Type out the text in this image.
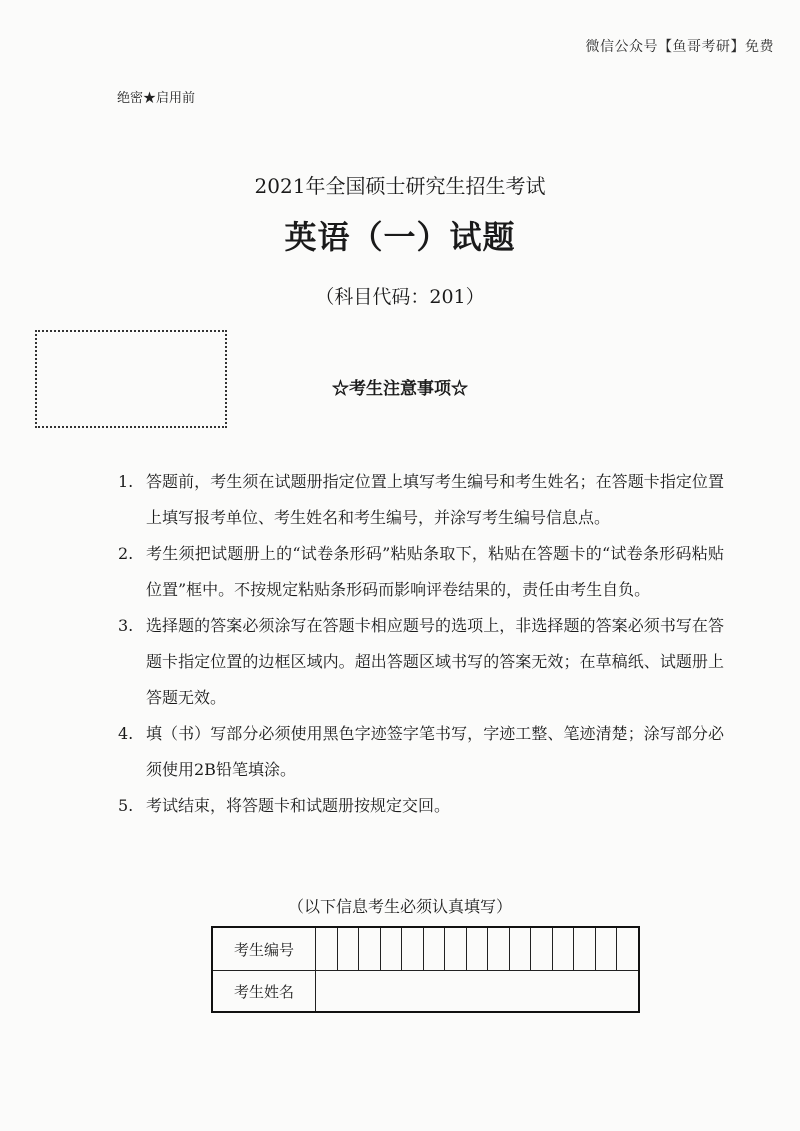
微信公众号【鱼哥考研】免费
绝密★启用前
2021年全国硕士研究生招生考试
英语（一）试题
（科目代码：201）
☆考生注意事项☆
1. 答题前，考生须在试题册指定位置上填写考生编号和考生姓名；在答题卡指定位置上填写报考单位、考生姓名和考生编号，并涂写考生编号信息点。
2. 考生须把试题册上的“试卷条形码”粘贴条取下，粘贴在答题卡的“试卷条形码粘贴位置”框中。不按规定粘贴条形码而影响评卷结果的，责任由考生自负。
3. 选择题的答案必须涂写在答题卡相应题号的选项上，非选择题的答案必须书写在答题卡指定位置的边框区域内。超出答题区域书写的答案无效；在草稿纸、试题册上答题无效。
4. 填（书）写部分必须使用黑色字迹签字笔书写，字迹工整、笔迹清楚；涂写部分必须使用2B铅笔填涂。
5. 考试结束，将答题卡和试题册按规定交回。
（以下信息考生必须认真填写）
考生编号															
考生姓名															
